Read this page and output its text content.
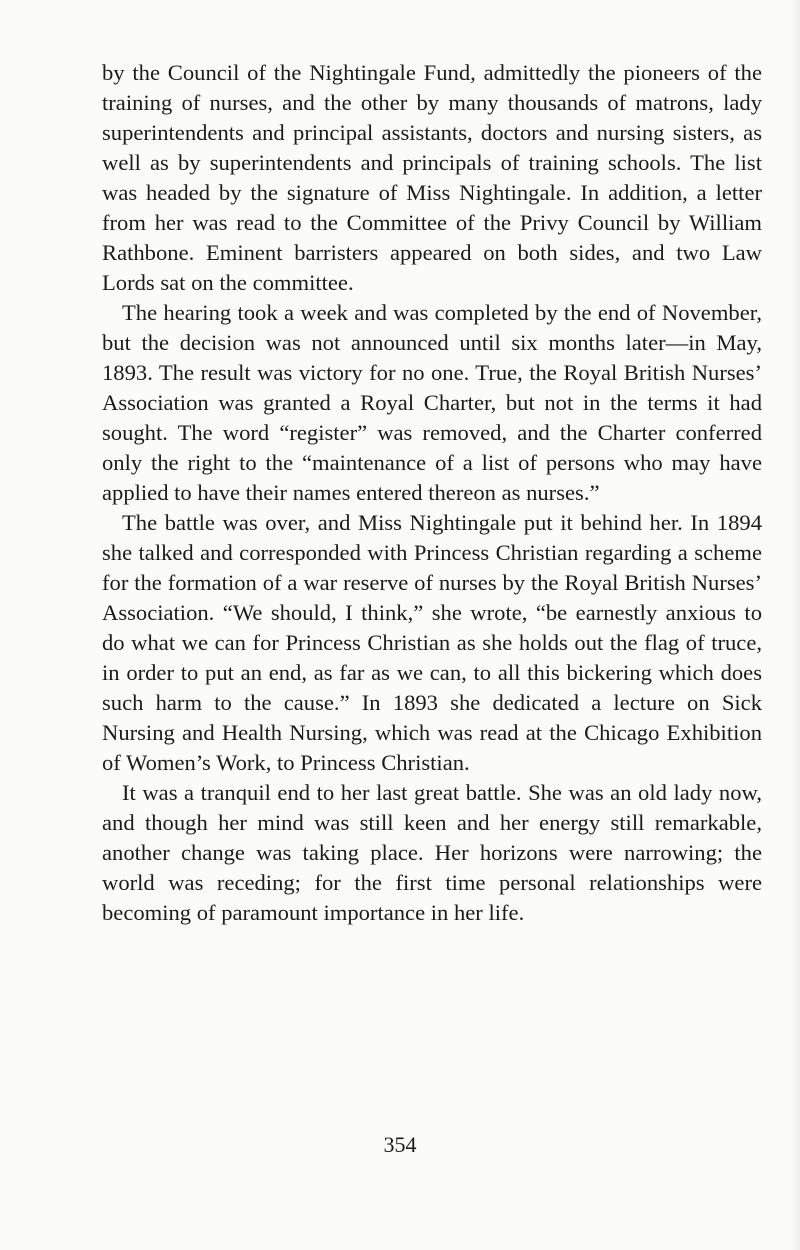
by the Council of the Nightingale Fund, admittedly the pioneers of the training of nurses, and the other by many thousands of matrons, lady superintendents and principal assistants, doctors and nursing sisters, as well as by superintendents and principals of training schools. The list was headed by the signature of Miss Nightingale. In addition, a letter from her was read to the Committee of the Privy Council by William Rathbone. Eminent barristers appeared on both sides, and two Law Lords sat on the committee.

The hearing took a week and was completed by the end of November, but the decision was not announced until six months later—in May, 1893. The result was victory for no one. True, the Royal British Nurses’ Association was granted a Royal Charter, but not in the terms it had sought. The word “register” was removed, and the Charter conferred only the right to the “maintenance of a list of persons who may have applied to have their names entered thereon as nurses.”

The battle was over, and Miss Nightingale put it behind her. In 1894 she talked and corresponded with Princess Christian regarding a scheme for the formation of a war reserve of nurses by the Royal British Nurses’ Association. “We should, I think,” she wrote, “be earnestly anxious to do what we can for Princess Christian as she holds out the flag of truce, in order to put an end, as far as we can, to all this bickering which does such harm to the cause.” In 1893 she dedicated a lecture on Sick Nursing and Health Nursing, which was read at the Chicago Exhibition of Women’s Work, to Princess Christian.

It was a tranquil end to her last great battle. She was an old lady now, and though her mind was still keen and her energy still remarkable, another change was taking place. Her horizons were narrowing; the world was receding; for the first time personal relationships were becoming of paramount importance in her life.

354
